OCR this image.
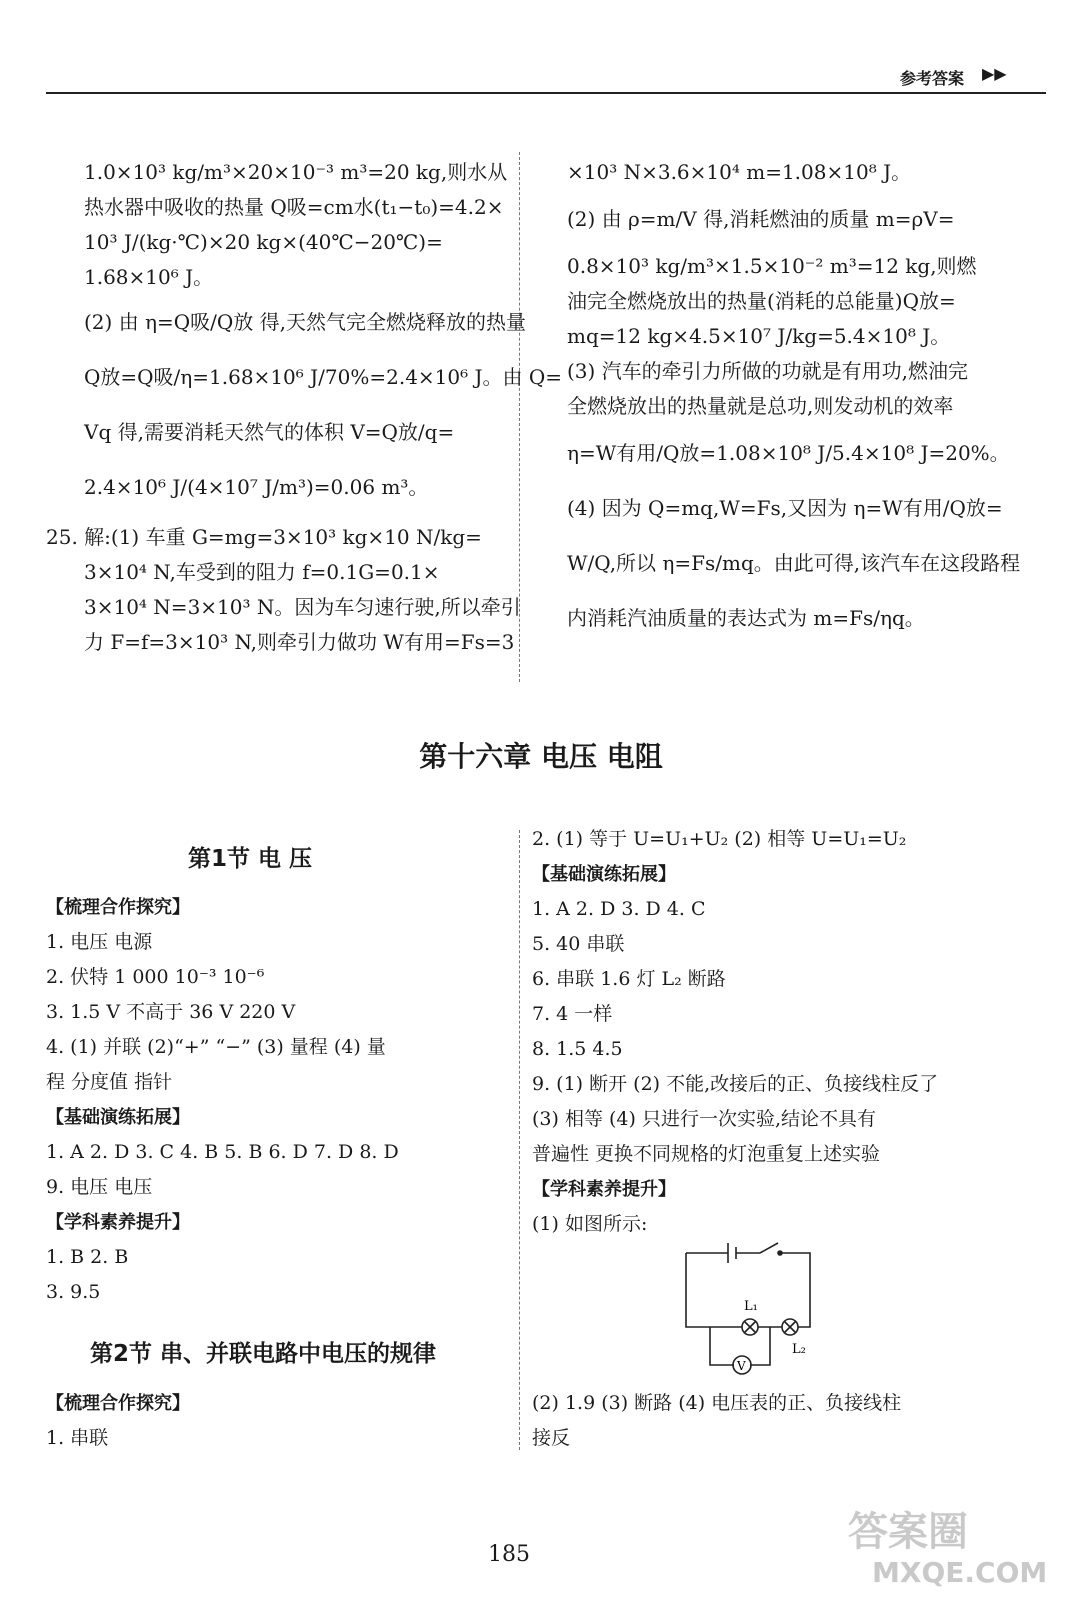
参考答案 ▶▶

1.0×10³ kg/m³×20×10⁻³ m³=20 kg,则水从

热水器中吸收的热量 Q吸=cm水(t₁−t₀)=4.2×

10³ J/(kg·℃)×20 kg×(40℃−20℃)=

1.68×10⁶ J。

(2) 由 η=Q吸/Q放 得,天然气完全燃烧释放的热量

Q放=Q吸/η=1.68×10⁶ J/70%=2.4×10⁶ J。由 Q=

Vq 得,需要消耗天然气的体积 V=Q放/q=

2.4×10⁶ J/(4×10⁷ J/m³)=0.06 m³。

25. 解:(1) 车重 G=mg=3×10³ kg×10 N/kg=

3×10⁴ N,车受到的阻力 f=0.1G=0.1×

3×10⁴ N=3×10³ N。因为车匀速行驶,所以牵引

力 F=f=3×10³ N,则牵引力做功 W有用=Fs=3

×10³ N×3.6×10⁴ m=1.08×10⁸ J。

(2) 由 ρ=m/V 得,消耗燃油的质量 m=ρV=

0.8×10³ kg/m³×1.5×10⁻² m³=12 kg,则燃

油完全燃烧放出的热量(消耗的总能量)Q放=

mq=12 kg×4.5×10⁷ J/kg=5.4×10⁸ J。

(3) 汽车的牵引力所做的功就是有用功,燃油完

全燃烧放出的热量就是总功,则发动机的效率

η=W有用/Q放=1.08×10⁸ J/5.4×10⁸ J=20%。

(4) 因为 Q=mq,W=Fs,又因为 η=W有用/Q放=

W/Q,所以 η=Fs/mq。由此可得,该汽车在这段路程

内消耗汽油质量的表达式为 m=Fs/ηq。

第十六章 电压 电阻
第1节 电 压

【梳理合作探究】

1. 电压 电源

2. 伏特 1 000 10⁻³ 10⁻⁶

3. 1.5 V 不高于 36 V 220 V

4. (1) 并联 (2)“+” “−” (3) 量程 (4) 量

程 分度值 指针

【基础演练拓展】

1. A 2. D 3. C 4. B 5. B 6. D 7. D 8. D

9. 电压 电压

【学科素养提升】

1. B 2. B

3. 9.5

第2节 串、并联电路中电压的规律

【梳理合作探究】

1. 串联

2. (1) 等于 U=U₁+U₂ (2) 相等 U=U₁=U₂

【基础演练拓展】

1. A 2. D 3. D 4. C

5. 40 串联

6. 串联 1.6 灯 L₂ 断路

7. 4 一样

8. 1.5 4.5

9. (1) 断开 (2) 不能,改接后的正、负接线柱反了

(3) 相等 (4) 只进行一次实验,结论不具有

普遍性 更换不同规格的灯泡重复上述实验

【学科素养提升】

(1) 如图所示:

(2) 1.9 (3) 断路 (4) 电压表的正、负接线柱

接反

L₁
L₂
V
185	答案圈
MXQE.COM
